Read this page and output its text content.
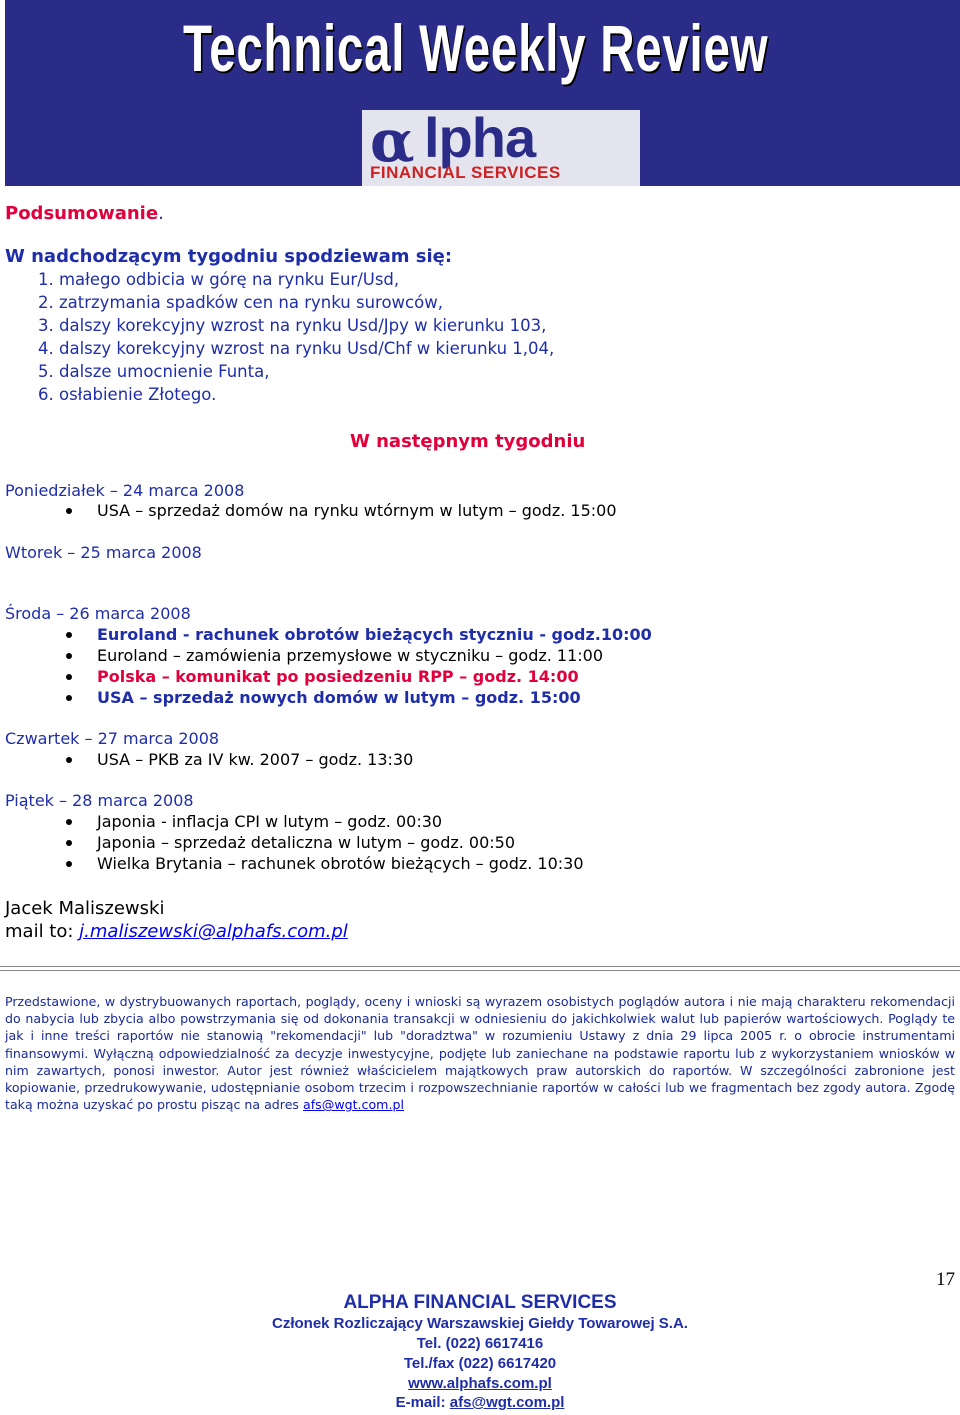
Technical Weekly Review
α lpha
FINANCIAL SERVICES
Podsumowanie.
W nadchodzącym tygodniu spodziewam się:
1. małego odbicia w górę na rynku Eur/Usd,
2. zatrzymania spadków cen na rynku surowców,
3. dalszy korekcyjny wzrost na rynku Usd/Jpy w kierunku 103,
4. dalszy korekcyjny wzrost na rynku Usd/Chf w kierunku 1,04,
5. dalsze umocnienie Funta,
6. osłabienie Złotego.
W następnym tygodniu
Poniedziałek – 24 marca 2008
USA – sprzedaż domów na rynku wtórnym w lutym – godz. 15:00
Wtorek – 25 marca 2008
Środa – 26 marca 2008
Euroland - rachunek obrotów bieżących styczniu - godz.10:00
Euroland – zamówienia przemysłowe w styczniku – godz. 11:00
Polska – komunikat po posiedzeniu RPP – godz. 14:00
USA – sprzedaż nowych domów w lutym – godz. 15:00
Czwartek – 27 marca 2008
USA – PKB za IV kw. 2007 – godz. 13:30
Piątek – 28 marca 2008
Japonia - inflacja CPI w lutym – godz. 00:30
Japonia – sprzedaż detaliczna w lutym – godz. 00:50
Wielka Brytania – rachunek obrotów bieżących – godz. 10:30
Jacek Maliszewski
mail to: j.maliszewski@alphafs.com.pl
Przedstawione, w dystrybuowanych raportach, poglądy, oceny i wnioski są wyrazem osobistych poglądów autora i nie mają charakteru rekomendacji do nabycia lub zbycia albo powstrzymania się od dokonania transakcji w odniesieniu do jakichkolwiek walut lub papierów wartościowych. Poglądy te jak i inne treści raportów nie stanowią "rekomendacji" lub "doradztwa" w rozumieniu Ustawy z dnia 29 lipca 2005 r. o obrocie instrumentami finansowymi. Wyłączną odpowiedzialność za decyzje inwestycyjne, podjęte lub zaniechane na podstawie raportu lub z wykorzystaniem wniosków w nim zawartych, ponosi inwestor. Autor jest również właścicielem majątkowych praw autorskich do raportów. W szczególności zabronione jest kopiowanie, przedrukowywanie, udostępnianie osobom trzecim i rozpowszechnianie raportów w całości lub we fragmentach bez zgody autora. Zgodę taką można uzyskać po prostu pisząc na adres afs@wgt.com.pl
17
ALPHA FINANCIAL SERVICES
Członek Rozliczający Warszawskiej Giełdy Towarowej S.A.
Tel. (022) 6617416
Tel./fax (022) 6617420
www.alphafs.com.pl
E-mail: afs@wgt.com.pl
